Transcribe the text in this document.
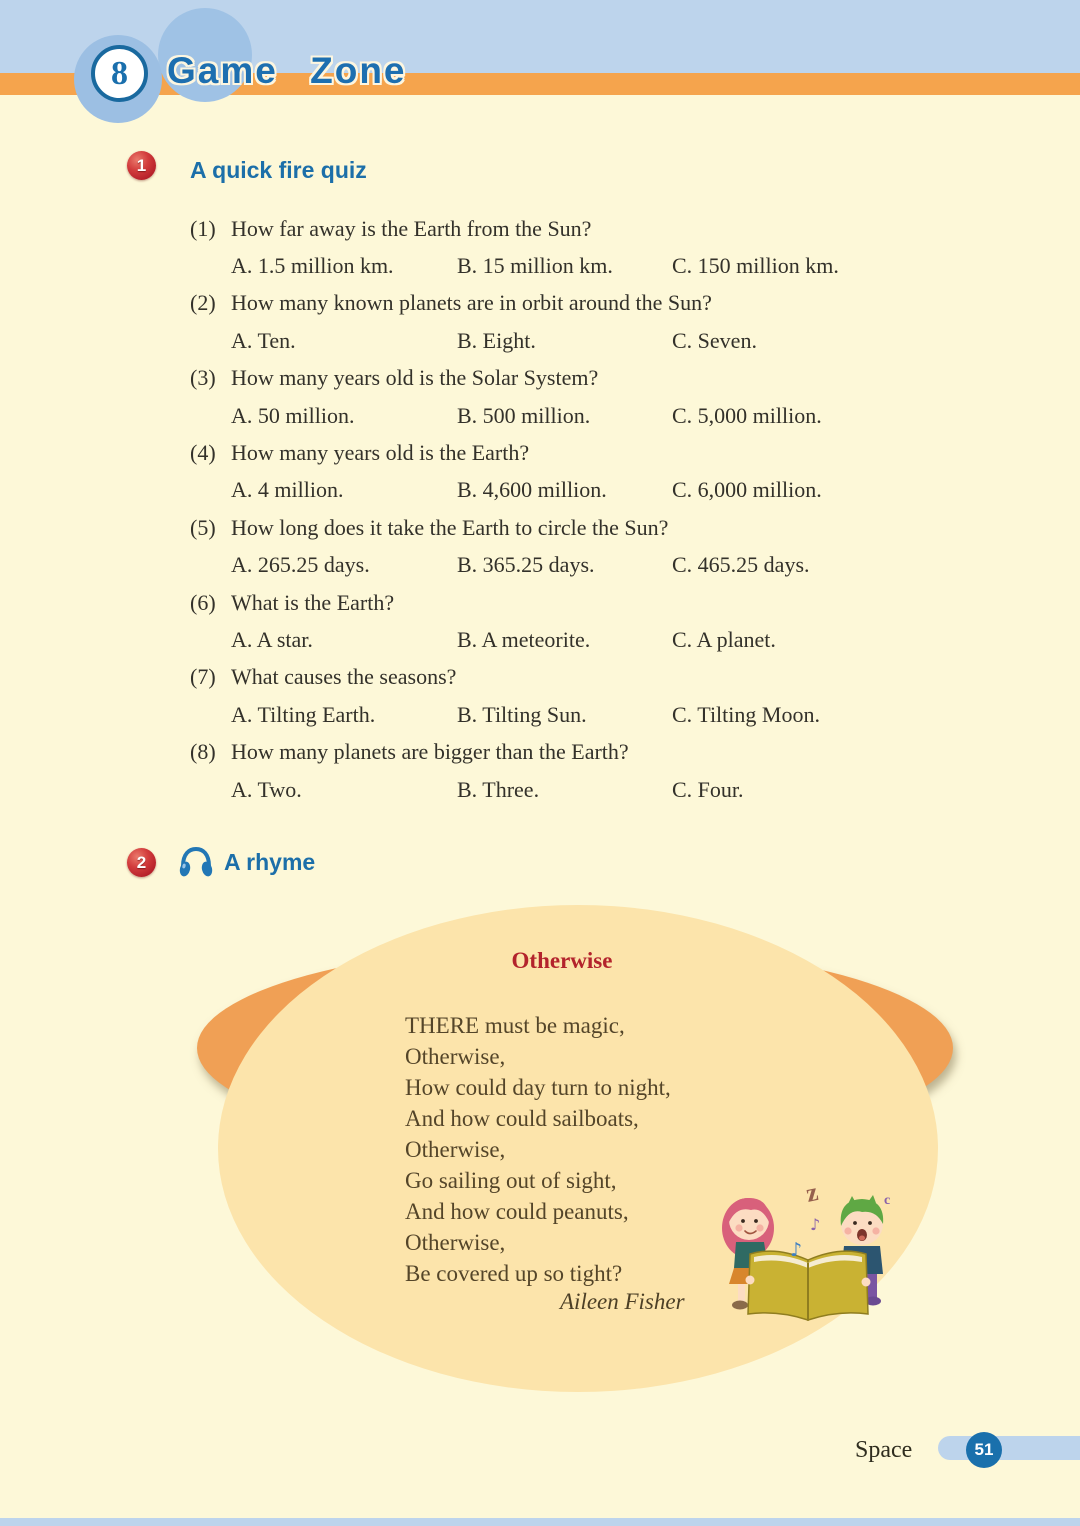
8 Game Zone
1 A quick fire quiz
(1) How far away is the Earth from the Sun?
A. 1.5 million km.	B. 15 million km.	C. 150 million km.
(2) How many known planets are in orbit around the Sun?
A. Ten.	B. Eight.	C. Seven.
(3) How many years old is the Solar System?
A. 50 million.	B. 500 million.	C. 5,000 million.
(4) How many years old is the Earth?
A. 4 million.	B. 4,600 million.	C. 6,000 million.
(5) How long does it take the Earth to circle the Sun?
A. 265.25 days.	B. 365.25 days.	C. 465.25 days.
(6) What is the Earth?
A. A star.	B. A meteorite.	C. A planet.
(7) What causes the seasons?
A. Tilting Earth.	B. Tilting Sun.	C. Tilting Moon.
(8) How many planets are bigger than the Earth?
A. Two.	B. Three.	C. Four.
2	A rhyme
Otherwise
THERE must be magic,
Otherwise,
How could day turn to night,
And how could sailboats,
Otherwise,
Go sailing out of sight,
And how could peanuts,
Otherwise,
Be covered up so tight?
Aileen Fisher
z
♪
♪
c
Space	51
